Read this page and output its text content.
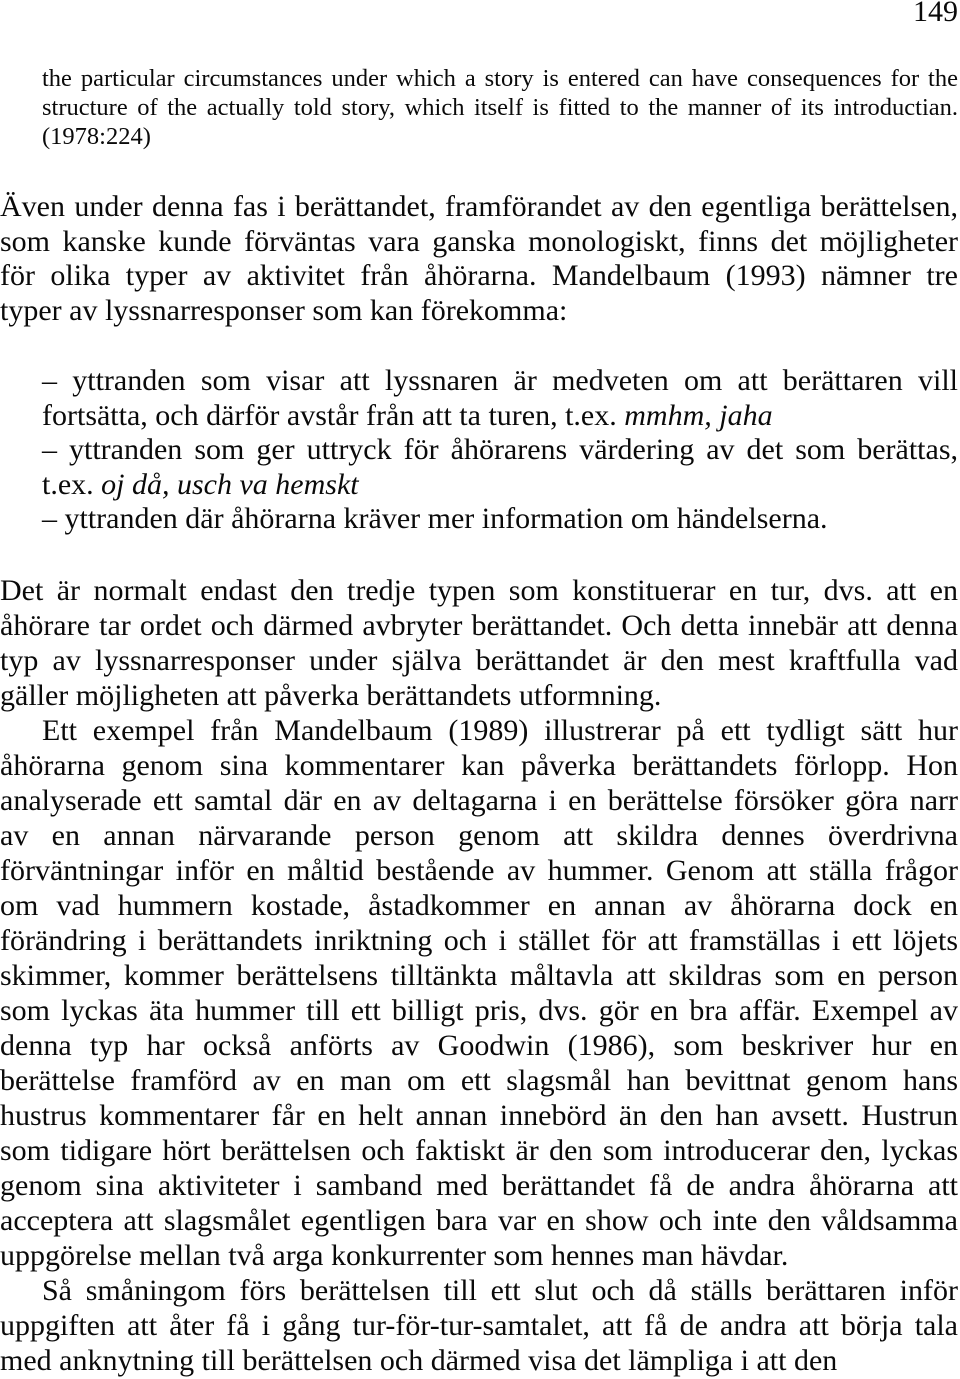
149
the particular circumstances under which a story is entered can have consequences for the
structure of the actually told story, which itself is fitted to the manner of its introductian.
(1978:224)
Även under denna fas i berättandet, framförandet av den egentliga berättelsen,
som kanske kunde förväntas vara ganska monologiskt, finns det möjligheter
för olika typer av aktivitet från åhörarna. Mandelbaum (1993) nämner tre
typer av lyssnarresponser som kan förekomma:
– yttranden som visar att lyssnaren är medveten om att berättaren vill
fortsätta, och därför avstår från att ta turen, t.ex. mmhm, jaha
– yttranden som ger uttryck för åhörarens värdering av det som berättas,
t.ex. oj då, usch va hemskt
– yttranden där åhörarna kräver mer information om händelserna.
Det är normalt endast den tredje typen som konstituerar en tur, dvs. att en
åhörare tar ordet och därmed avbryter berättandet. Och detta innebär att denna
typ av lyssnarresponser under själva berättandet är den mest kraftfulla vad
gäller möjligheten att påverka berättandets utformning.
Ett exempel från Mandelbaum (1989) illustrerar på ett tydligt sätt hur
åhörarna genom sina kommentarer kan påverka berättandets förlopp. Hon
analyserade ett samtal där en av deltagarna i en berättelse försöker göra narr
av en annan närvarande person genom att skildra dennes överdrivna
förväntningar inför en måltid bestående av hummer. Genom att ställa frågor
om vad hummern kostade, åstadkommer en annan av åhörarna dock en
förändring i berättandets inriktning och i stället för att framställas i ett löjets
skimmer, kommer berättelsens tilltänkta måltavla att skildras som en person
som lyckas äta hummer till ett billigt pris, dvs. gör en bra affär. Exempel av
denna typ har också anförts av Goodwin (1986), som beskriver hur en
berättelse framförd av en man om ett slagsmål han bevittnat genom hans
hustrus kommentarer får en helt annan innebörd än den han avsett. Hustrun
som tidigare hört berättelsen och faktiskt är den som introducerar den, lyckas
genom sina aktiviteter i samband med berättandet få de andra åhörarna att
acceptera att slagsmålet egentligen bara var en show och inte den våldsamma
uppgörelse mellan två arga konkurrenter som hennes man hävdar.
Så småningom förs berättelsen till ett slut och då ställs berättaren inför
uppgiften att åter få i gång tur-för-tur-samtalet, att få de andra att börja tala
med anknytning till berättelsen och därmed visa det lämpliga i att den
